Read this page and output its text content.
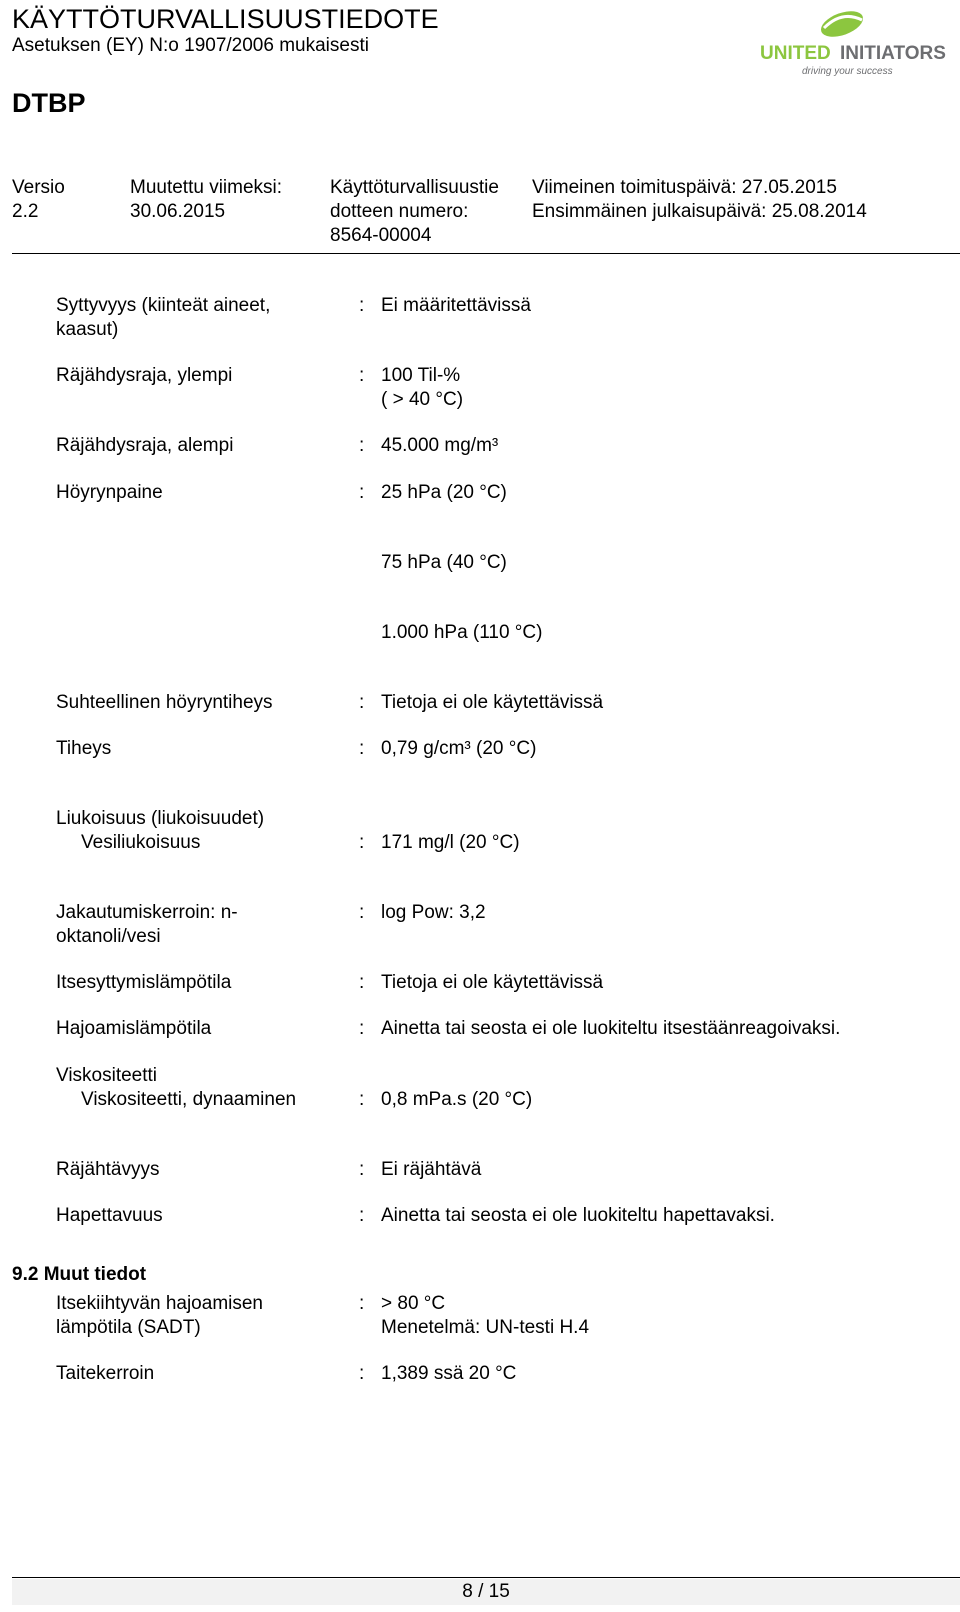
KÄYTTÖTURVALLISUUSTIEDOTE
Asetuksen (EY) N:o 1907/2006 mukaisesti
DTBP
UNITED INITIATORS
driving your success
Versio
2.2
Muutettu viimeksi:
30.06.2015
Käyttöturvallisuustie
dotteen numero:
8564-00004
Viimeinen toimituspäivä: 27.05.2015
Ensimmäinen julkaisupäivä: 25.08.2014
Syttyvyys (kiinteät aineet,
kaasut)
: Ei määritettävissä
Räjähdysraja, ylempi	: 100 Til-%
( > 40 °C)
Räjähdysraja, alempi	: 45.000 mg/m³
Höyrynpaine	: 25 hPa (20 °C)
75 hPa (40 °C)
1.000 hPa (110 °C)
Suhteellinen höyryntiheys	: Tietoja ei ole käytettävissä
Tiheys	: 0,79 g/cm³ (20 °C)
Liukoisuus (liukoisuudet)
Vesiliukoisuus	: 171 mg/l (20 °C)
Jakautumiskerroin: n-
oktanoli/vesi
: log Pow: 3,2
Itsesyttymislämpötila	: Tietoja ei ole käytettävissä
Hajoamislämpötila	: Ainetta tai seosta ei ole luokiteltu itsestäänreagoivaksi.
Viskositeetti
Viskositeetti, dynaaminen	: 0,8 mPa.s (20 °C)
Räjähtävyys	: Ei räjähtävä
Hapettavuus	: Ainetta tai seosta ei ole luokiteltu hapettavaksi.
9.2 Muut tiedot
Itsekiihtyvän hajoamisen
lämpötila (SADT)
: > 80 °C
Menetelmä: UN-testi H.4
Taitekerroin	: 1,389 ssä 20 °C
8 / 15
